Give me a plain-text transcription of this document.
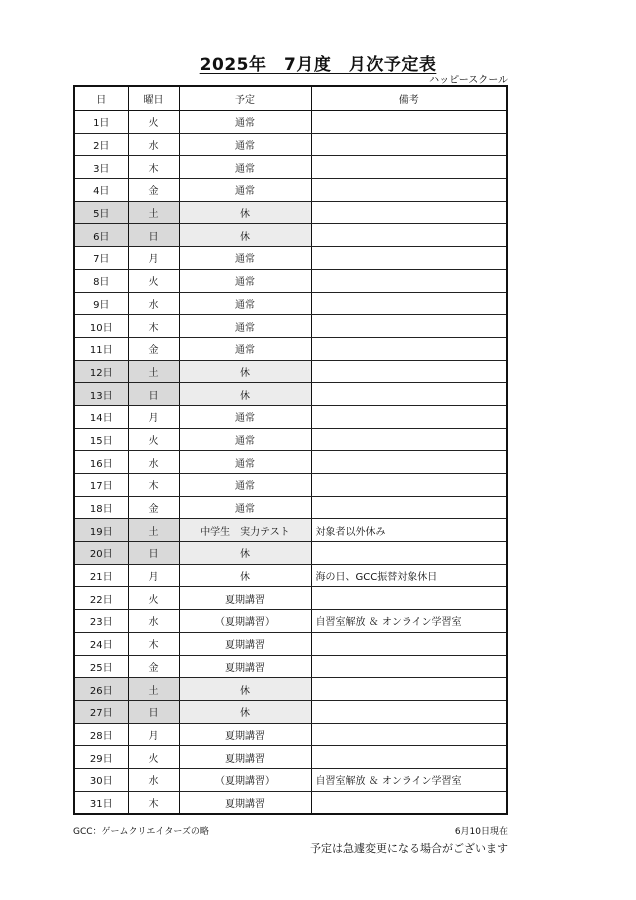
2025年　7月度　月次予定表
ハッピースクール
日	曜日	予定	備考
1日	火	通常	
2日	水	通常	
3日	木	通常	
4日	金	通常	
5日	土	休	
6日	日	休	
7日	月	通常	
8日	火	通常	
9日	水	通常	
10日	木	通常	
11日	金	通常	
12日	土	休	
13日	日	休	
14日	月	通常	
15日	火	通常	
16日	水	通常	
17日	木	通常	
18日	金	通常	
19日	土	中学生　実力テスト	対象者以外休み
20日	日	休	
21日	月	休	海の日、GCC振替対象休日
22日	火	夏期講習	
23日	水	（夏期講習）	自習室解放 ＆ オンライン学習室
24日	木	夏期講習	
25日	金	夏期講習	
26日	土	休	
27日	日	休	
28日	月	夏期講習	
29日	火	夏期講習	
30日	水	（夏期講習）	自習室解放 ＆ オンライン学習室
31日	木	夏期講習	
GCC：ゲームクリエイターズの略	6月10日現在
予定は急遽変更になる場合がございます
